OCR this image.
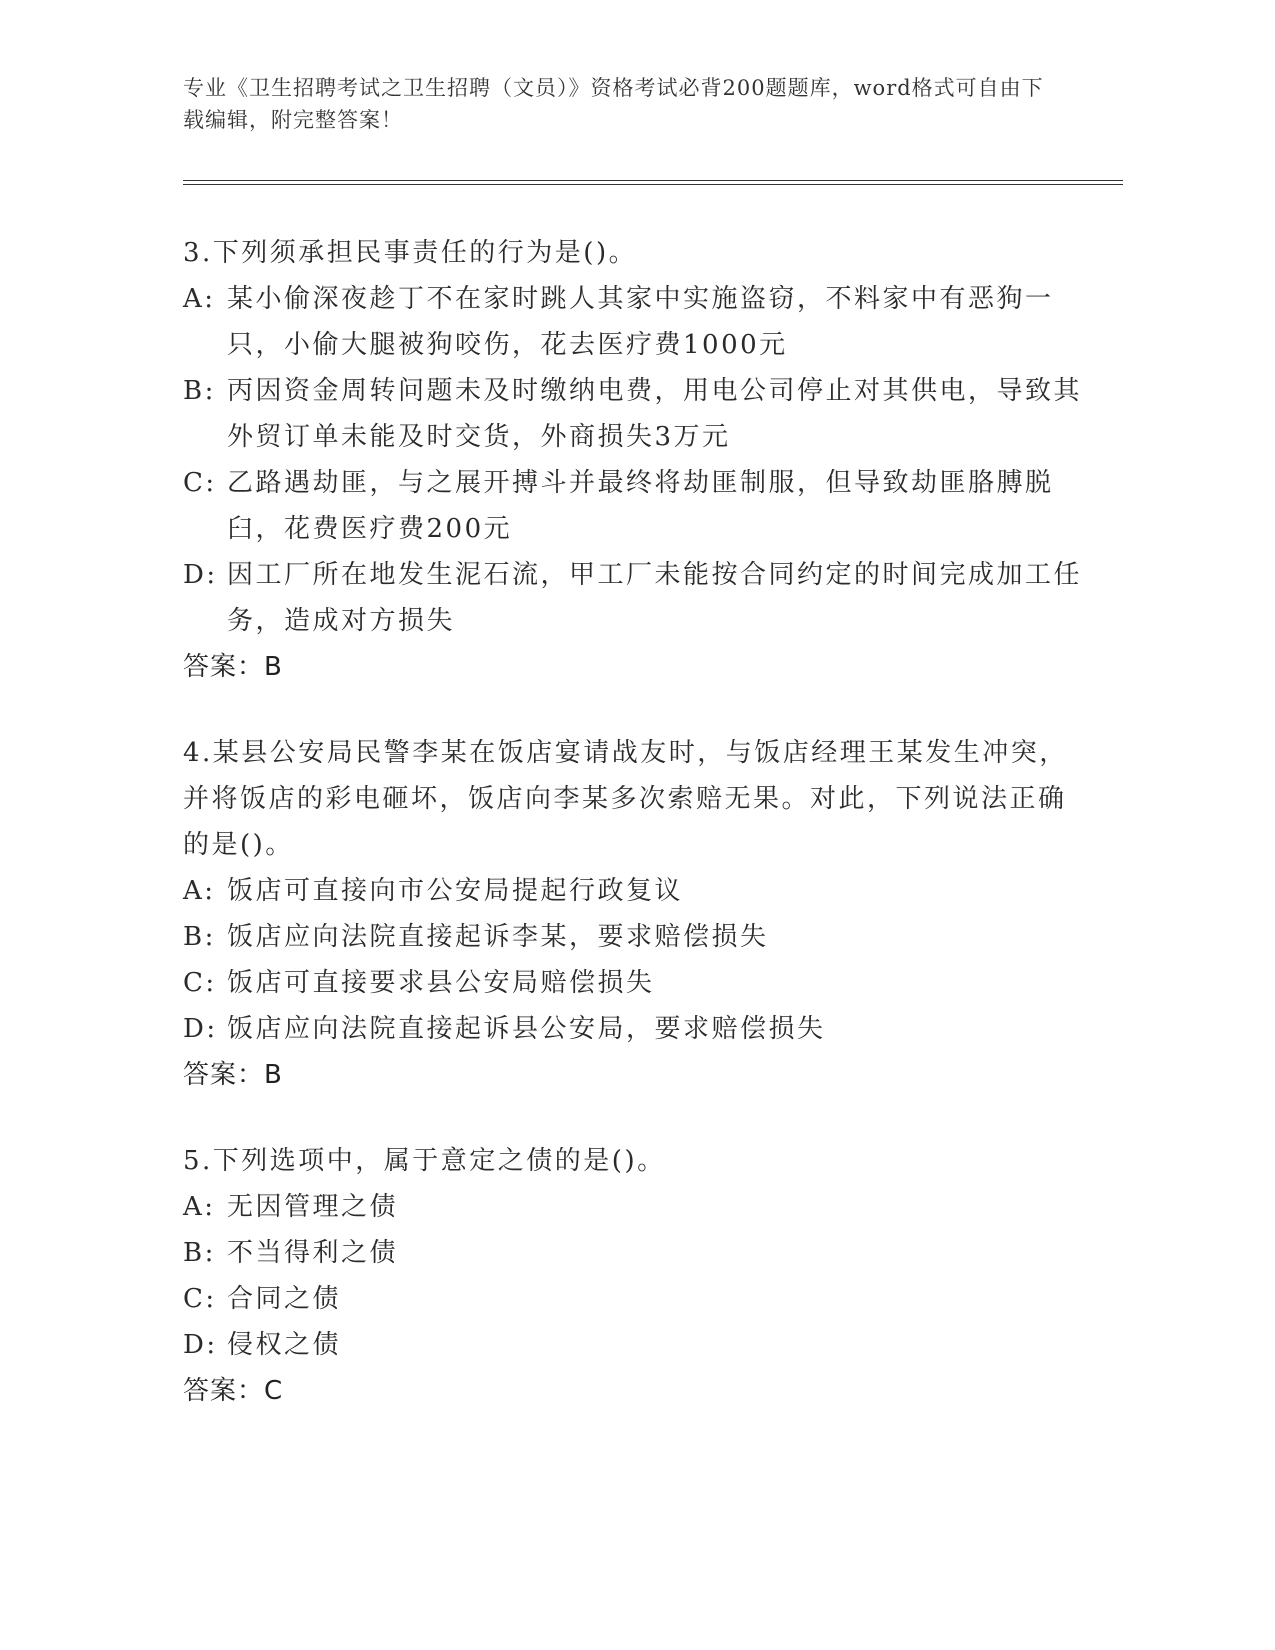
专业《卫生招聘考试之卫生招聘（文员）》资格考试必背200题题库，word格式可自由下载编辑，附完整答案！

3.下列须承担民事责任的行为是()。

A: 某小偷深夜趁丁不在家时跳人其家中实施盗窃，不料家中有恶狗一只，小偷大腿被狗咬伤，花去医疗费1000元
B: 丙因资金周转问题未及时缴纳电费，用电公司停止对其供电，导致其外贸订单未能及时交货，外商损失3万元
C: 乙路遇劫匪，与之展开搏斗并最终将劫匪制服，但导致劫匪胳膊脱臼，花费医疗费200元
D: 因工厂所在地发生泥石流，甲工厂未能按合同约定的时间完成加工任务，造成对方损失
答案：B

4.某县公安局民警李某在饭店宴请战友时，与饭店经理王某发生冲突，并将饭店的彩电砸坏，饭店向李某多次索赔无果。对此，下列说法正确的是()。

A: 饭店可直接向市公安局提起行政复议
B: 饭店应向法院直接起诉李某，要求赔偿损失
C: 饭店可直接要求县公安局赔偿损失
D: 饭店应向法院直接起诉县公安局，要求赔偿损失
答案：B

5.下列选项中，属于意定之债的是()。

A: 无因管理之债
B: 不当得利之债
C: 合同之债
D: 侵权之债
答案：C
